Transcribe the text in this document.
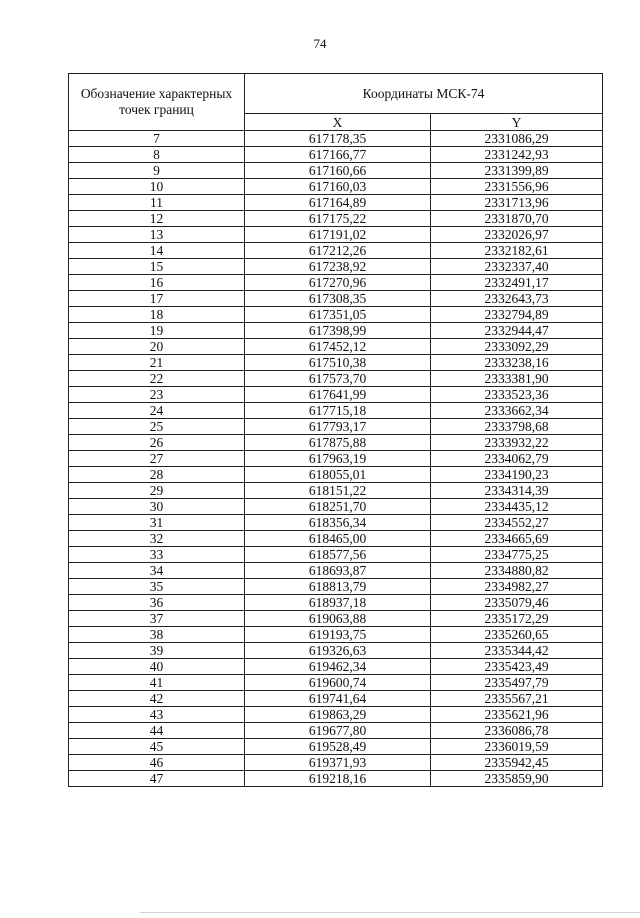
74
Обозначение характерных точек границ	Координаты МСК-74	
	X	Y
7	617178,35	2331086,29
8	617166,77	2331242,93
9	617160,66	2331399,89
10	617160,03	2331556,96
11	617164,89	2331713,96
12	617175,22	2331870,70
13	617191,02	2332026,97
14	617212,26	2332182,61
15	617238,92	2332337,40
16	617270,96	2332491,17
17	617308,35	2332643,73
18	617351,05	2332794,89
19	617398,99	2332944,47
20	617452,12	2333092,29
21	617510,38	2333238,16
22	617573,70	2333381,90
23	617641,99	2333523,36
24	617715,18	2333662,34
25	617793,17	2333798,68
26	617875,88	2333932,22
27	617963,19	2334062,79
28	618055,01	2334190,23
29	618151,22	2334314,39
30	618251,70	2334435,12
31	618356,34	2334552,27
32	618465,00	2334665,69
33	618577,56	2334775,25
34	618693,87	2334880,82
35	618813,79	2334982,27
36	618937,18	2335079,46
37	619063,88	2335172,29
38	619193,75	2335260,65
39	619326,63	2335344,42
40	619462,34	2335423,49
41	619600,74	2335497,79
42	619741,64	2335567,21
43	619863,29	2335621,96
44	619677,80	2336086,78
45	619528,49	2336019,59
46	619371,93	2335942,45
47	619218,16	2335859,90
